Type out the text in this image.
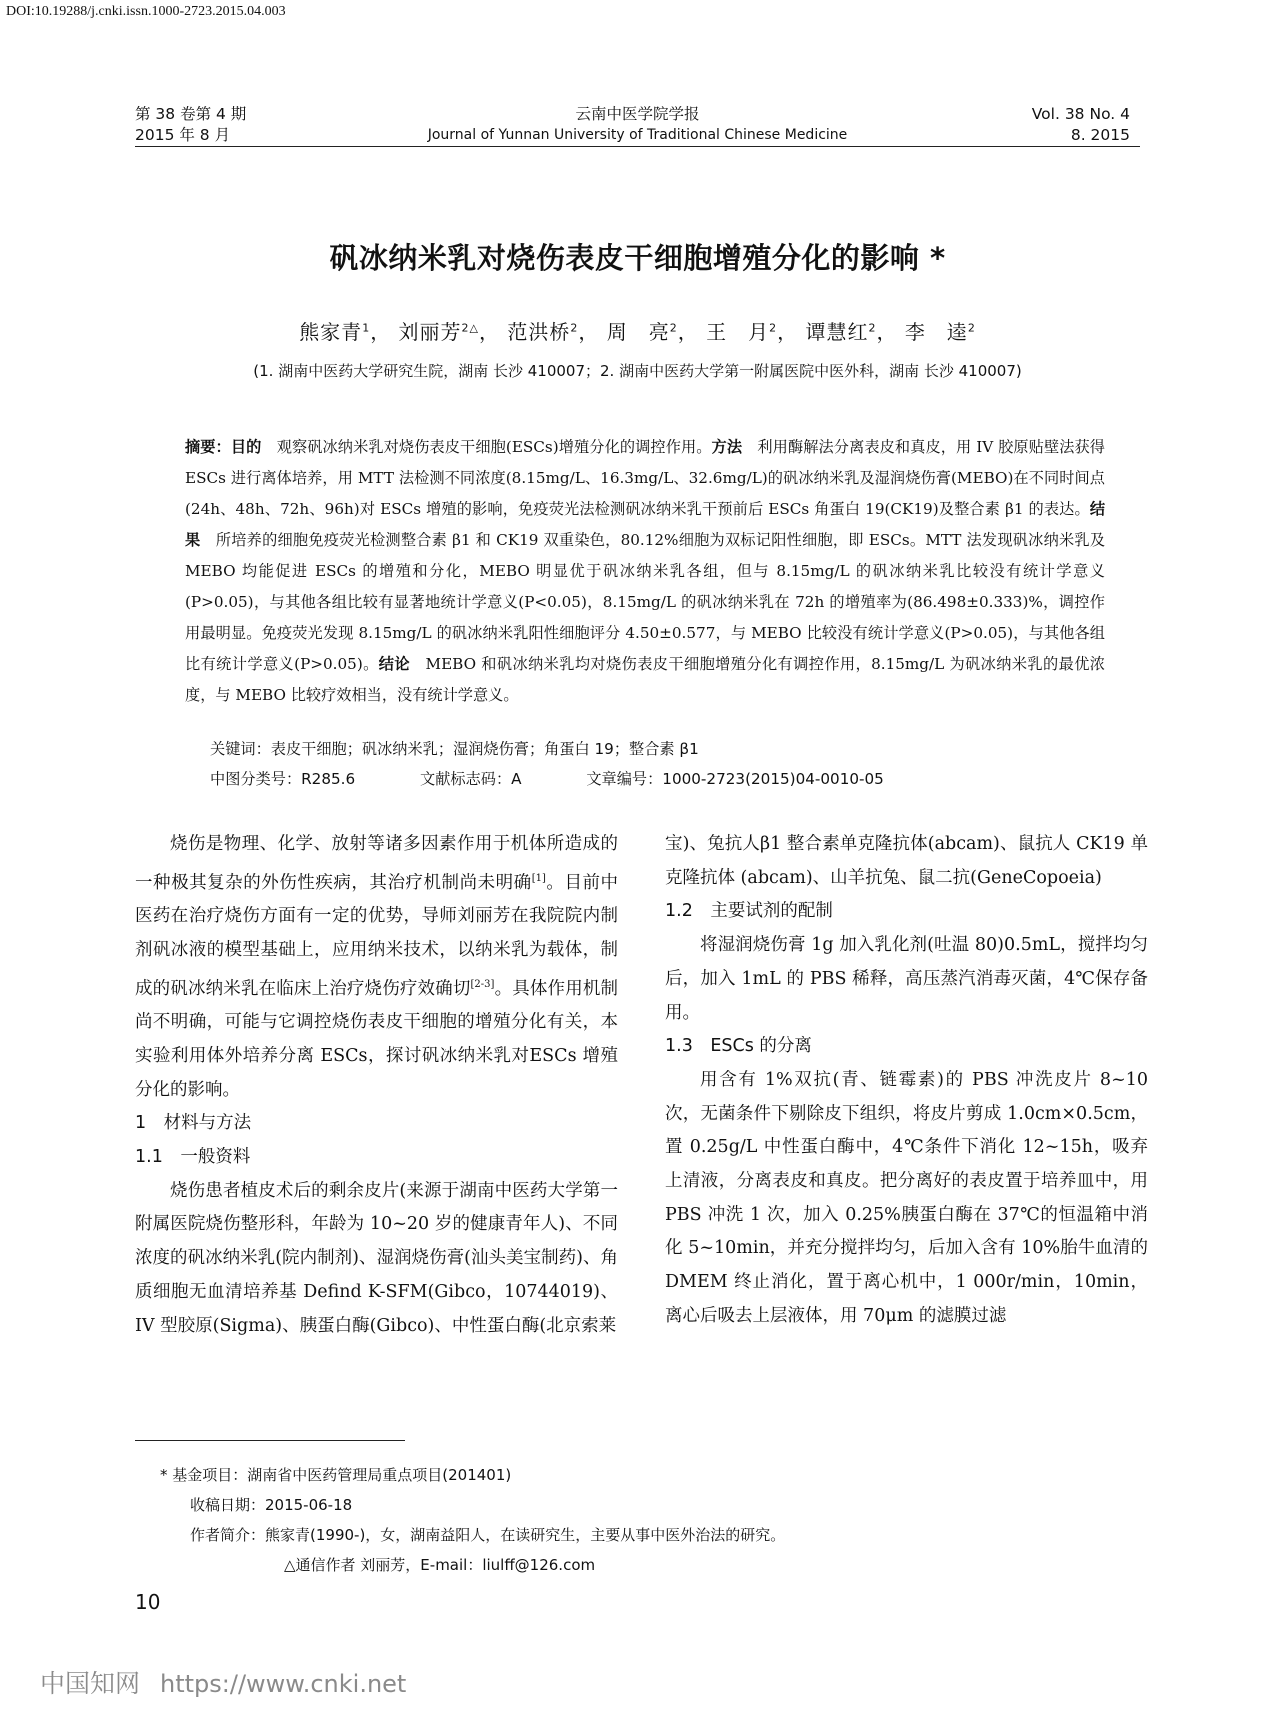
DOI:10.19288/j.cnki.issn.1000-2723.2015.04.003
第 38 卷第 4 期
2015 年 8 月
云南中医学院学报
Journal of Yunnan University of Traditional Chinese Medicine
Vol. 38 No. 4
8. 2015
矾冰纳米乳对烧伤表皮干细胞增殖分化的影响 *
熊家青$^1$， 刘丽芳$^{2\triangle}$， 范洪桥$^2$， 周　亮$^2$， 王　月$^2$， 谭慧红$^2$， 李　逵$^2$
(1. 湖南中医药大学研究生院，湖南 长沙 410007；2. 湖南中医药大学第一附属医院中医外科，湖南 长沙 410007)
摘要：目的　 观察矾冰纳米乳对烧伤表皮干细胞(ESCs)增殖分化的调控作用。方法　 利用酶解法分离表皮和真皮，用 IV 胶原贴壁法获得 ESCs 进行离体培养，用 MTT 法检测不同浓度(8.15mg/L、16.3mg/L、32.6mg/L)的矾冰纳米乳及湿润烧伤膏(MEBO)在不同时间点(24h、48h、72h、96h)对 ESCs 增殖的影响，免疫荧光法检测矾冰纳米乳干预前后 ESCs 角蛋白 19(CK19)及整合素 β1 的表达。结果　 所培养的细胞免疫荧光检测整合素 β1 和 CK19 双重染色，80.12%细胞为双标记阳性细胞，即 ESCs。MTT 法发现矾冰纳米乳及 MEBO 均能促进 ESCs 的增殖和分化，MEBO 明显优于矾冰纳米乳各组，但与 8.15mg/L 的矾冰纳米乳比较没有统计学意义(P>0.05)，与其他各组比较有显著地统计学意义(P<0.05)，8.15mg/L 的矾冰纳米乳在 72h 的增殖率为(86.498±0.333)%，调控作用最明显。免疫荧光发现 8.15mg/L 的矾冰纳米乳阳性细胞评分 4.50±0.577，与 MEBO 比较没有统计学意义(P>0.05)，与其他各组比有统计学意义(P>0.05)。结论　 MEBO 和矾冰纳米乳均对烧伤表皮干细胞增殖分化有调控作用，8.15mg/L 为矾冰纳米乳的最优浓度，与 MEBO 比较疗效相当，没有统计学意义。
关键词：表皮干细胞；矾冰纳米乳；湿润烧伤膏；角蛋白 19；整合素 β1
中图分类号：R285.6	文献标志码：A	文章编号：1000-2723(2015)04-0010-05

烧伤是物理、化学、放射等诸多因素作用于机体所造成的一种极其复杂的外伤性疾病，其治疗机制尚未明确[1]。目前中医药在治疗烧伤方面有一定的优势，导师刘丽芳在我院院内制剂矾冰液的模型基础上，应用纳米技术，以纳米乳为载体，制成的矾冰纳米乳在临床上治疗烧伤疗效确切[2-3]。具体作用机制尚不明确，可能与它调控烧伤表皮干细胞的增殖分化有关，本实验利用体外培养分离 ESCs，探讨矾冰纳米乳对ESCs 增殖分化的影响。

1　材料与方法

1.1　一般资料

烧伤患者植皮术后的剩余皮片(来源于湖南中医药大学第一附属医院烧伤整形科，年龄为 10~20 岁的健康青年人)、不同浓度的矾冰纳米乳(院内制剂)、湿润烧伤膏(汕头美宝制药)、角质细胞无血清培养基 Defind K-SFM(Gibco，10744019)、IV 型胶原(Sigma)、胰蛋白酶(Gibco)、中性蛋白酶(北京索莱

宝)、兔抗人β1 整合素单克隆抗体(abcam)、鼠抗人 CK19 单克隆抗体 (abcam)、山羊抗兔、鼠二抗(GeneCopoeia)

1.2　主要试剂的配制

将湿润烧伤膏 1g 加入乳化剂(吐温 80)0.5mL，搅拌均匀后，加入 1mL 的 PBS 稀释，高压蒸汽消毒灭菌，4℃保存备用。

1.3　ESCs 的分离

用含有 1%双抗(青、链霉素)的 PBS 冲洗皮片 8~10 次，无菌条件下剔除皮下组织，将皮片剪成 1.0cm×0.5cm，置 0.25g/L 中性蛋白酶中，4℃条件下消化 12~15h，吸弃上清液，分离表皮和真皮。把分离好的表皮置于培养皿中，用 PBS 冲洗 1 次，加入 0.25%胰蛋白酶在 37℃的恒温箱中消化 5~10min，并充分搅拌均匀，后加入含有 10%胎牛血清的 DMEM 终止消化，置于离心机中，1 000r/min，10min，离心后吸去上层液体，用 70μm 的滤膜过滤

* 基金项目：湖南省中医药管理局重点项目(201401)

收稿日期：2015-06-18

作者简介：熊家青(1990-)，女，湖南益阳人，在读研究生，主要从事中医外治法的研究。

△通信作者 刘丽芳，E-mail：liulff@126.com

10
中国知网 https://www.cnki.net
